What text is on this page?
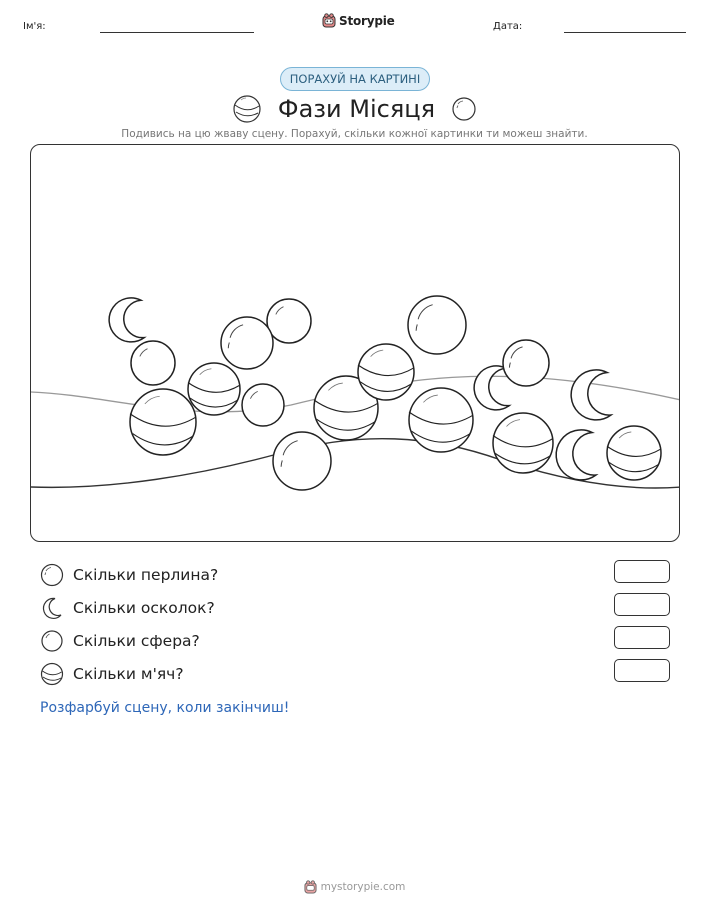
Ім'я:	Storypie	Дата:
ПОРАХУЙ НА КАРТИНІ
Фази Місяця
Подивись на цю жваву сцену. Порахуй, скільки кожної картинки ти можеш знайти.
Скільки перлина?
Скільки осколок?
Скільки сфера?
Скільки м'яч?
Розфарбуй сцену, коли закінчиш!
mystorypie.com
